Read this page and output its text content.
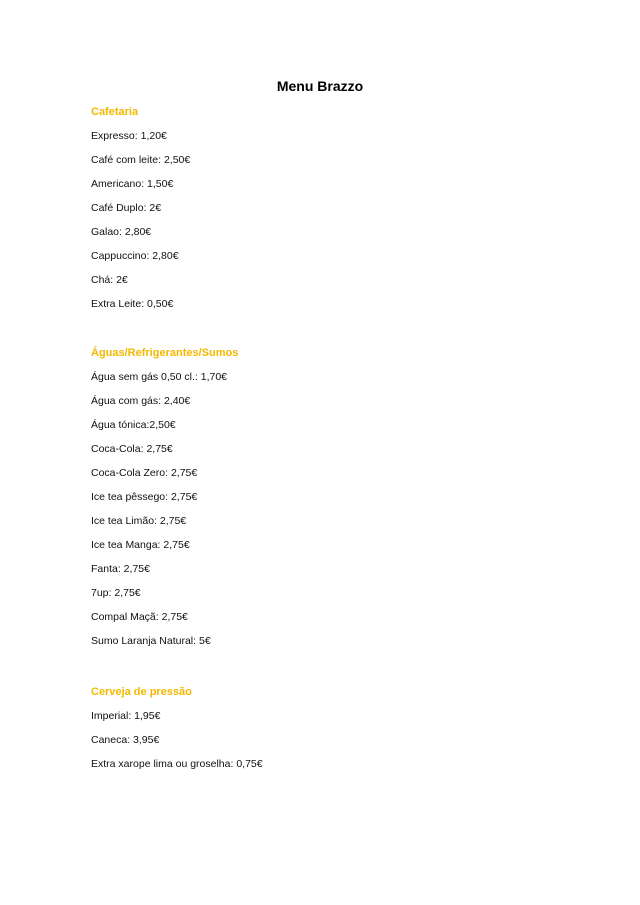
Menu Brazzo
Cafetaria
Expresso: 1,20€
Café com leite: 2,50€
Americano: 1,50€
Café Duplo: 2€
Galao: 2,80€
Cappuccino: 2,80€
Chá: 2€
Extra Leite: 0,50€
Águas/Refrigerantes/Sumos
Água sem gás 0,50 cl.: 1,70€
Água com gás: 2,40€
Água tónica:2,50€
Coca-Cola: 2,75€
Coca-Cola Zero: 2,75€
Ice tea pêssego: 2,75€
Ice tea Limão: 2,75€
Ice tea Manga: 2,75€
Fanta: 2,75€
7up: 2,75€
Compal Maçã: 2,75€
Sumo Laranja Natural: 5€
Cerveja de pressão
Imperial: 1,95€
Caneca: 3,95€
Extra xarope lima ou groselha: 0,75€
